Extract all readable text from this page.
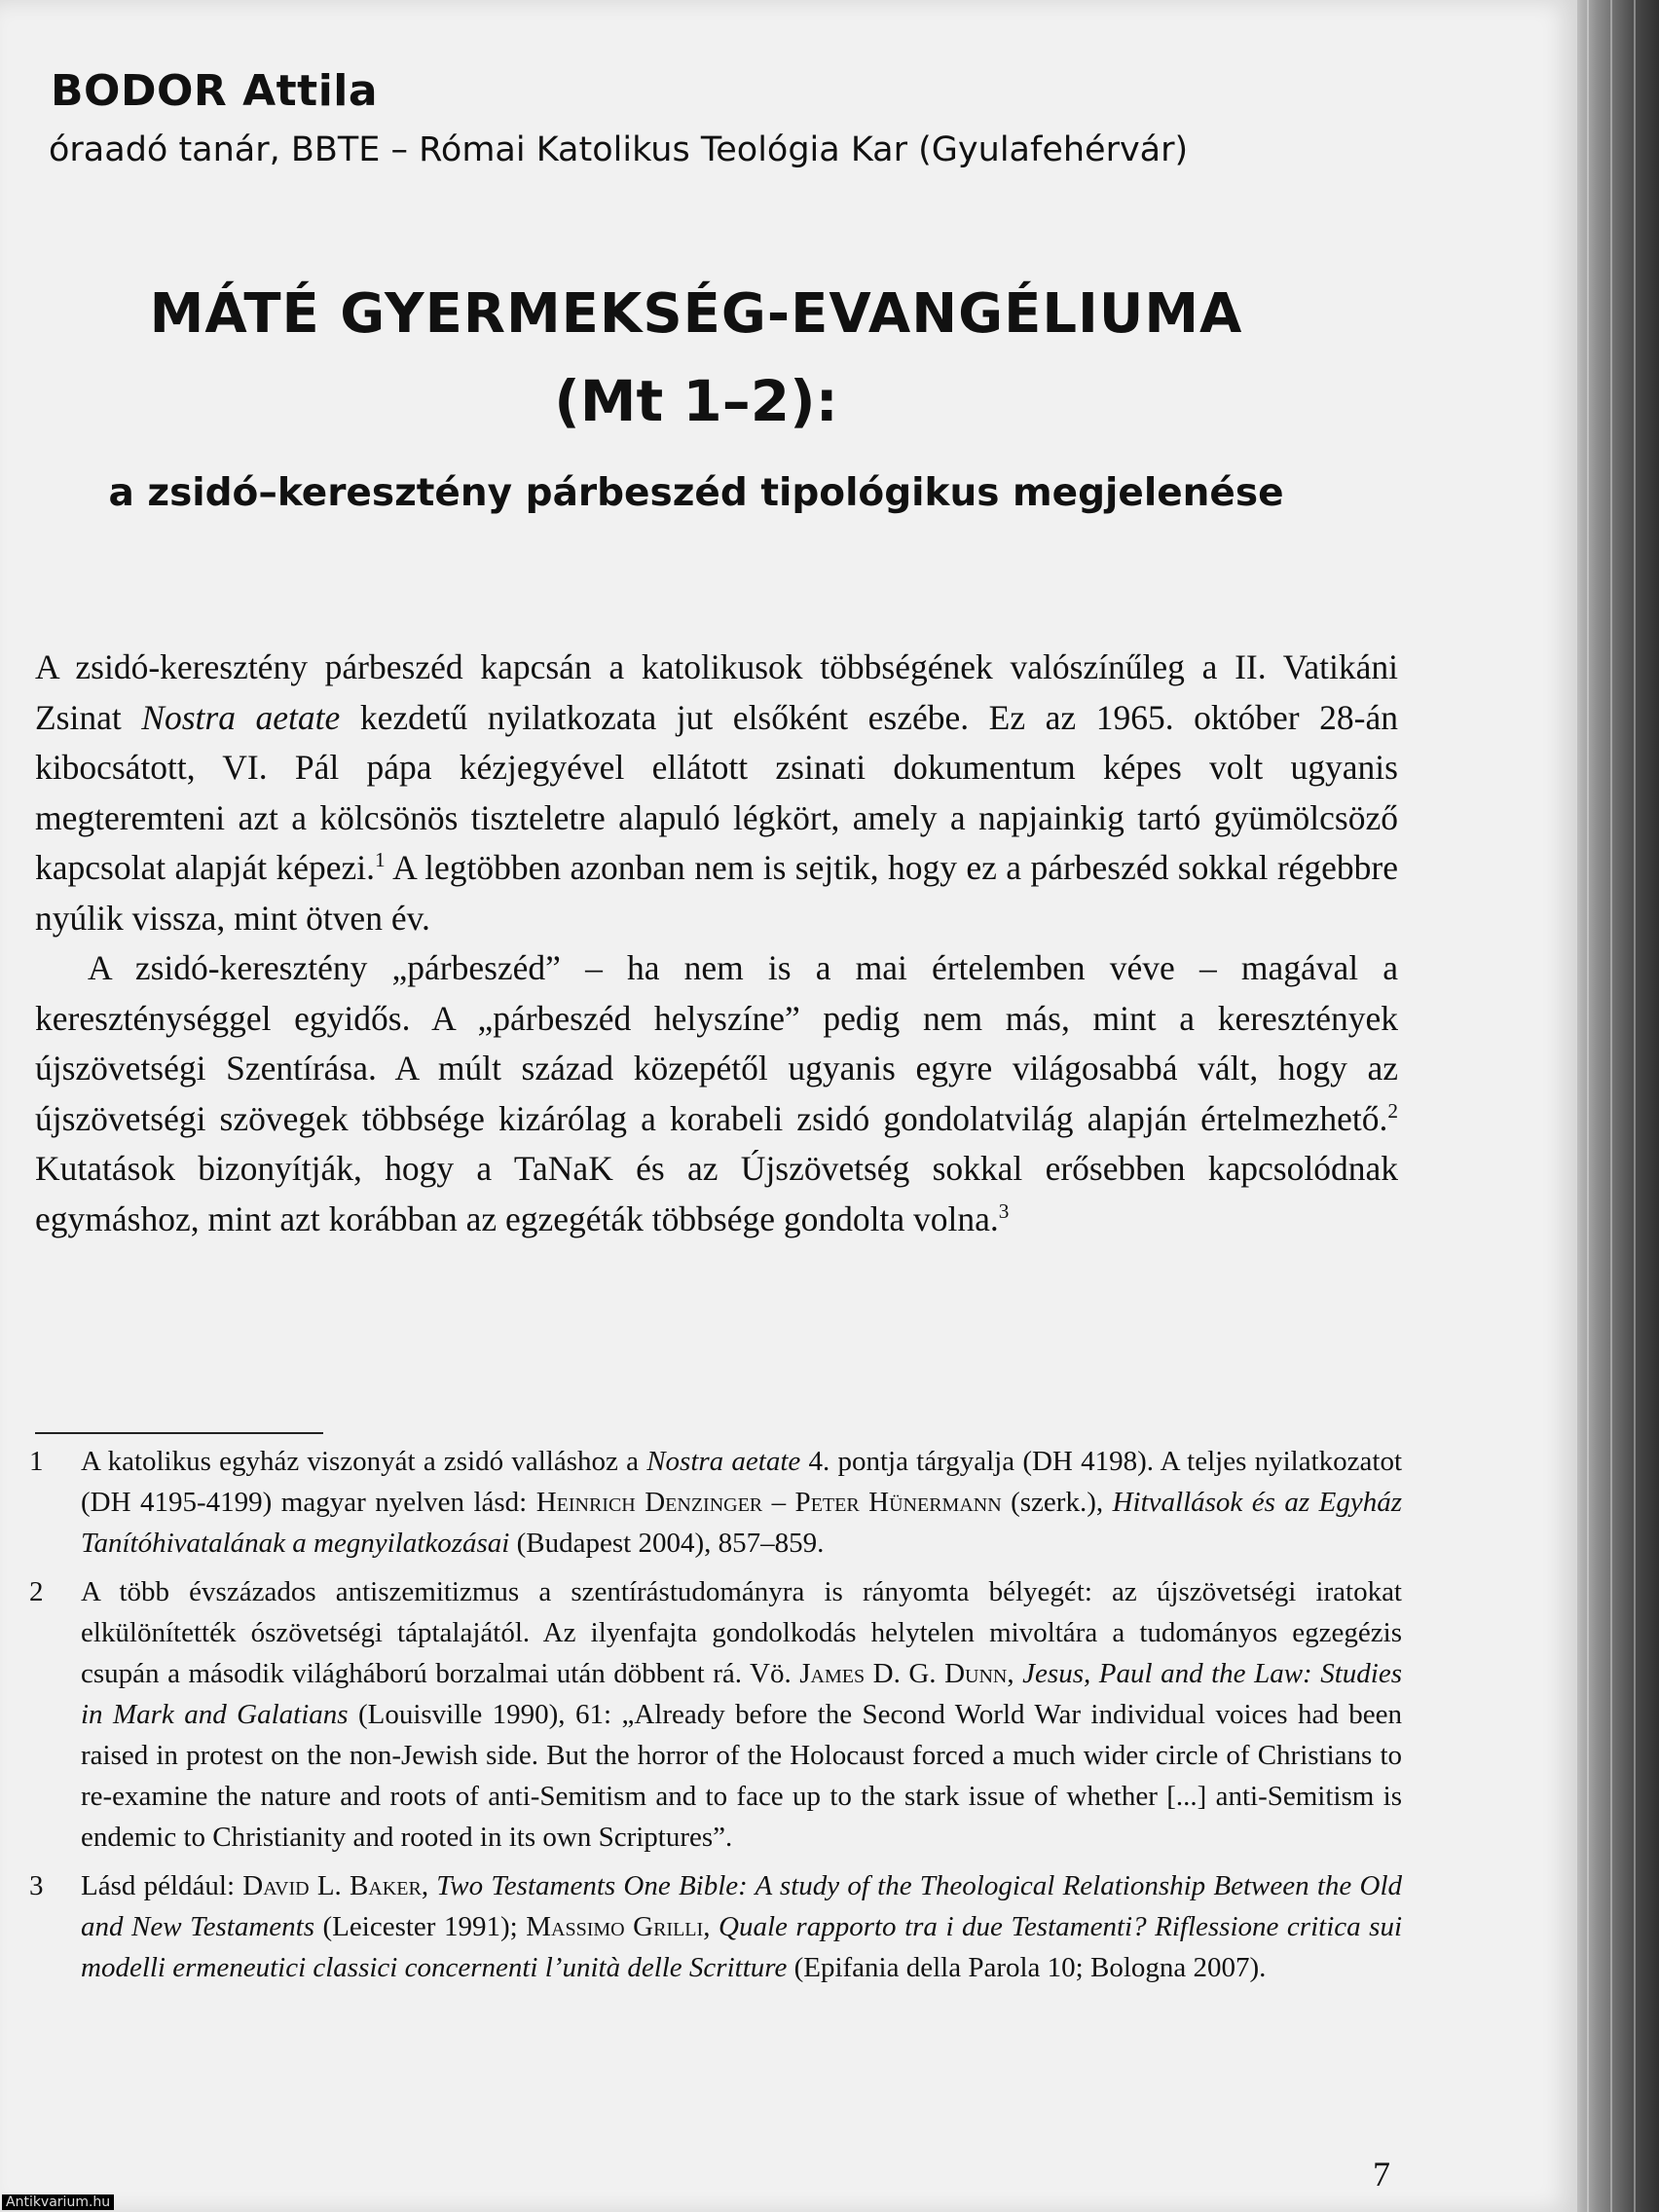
BODOR Attila
óraadó tanár, BBTE – Római Katolikus Teológia Kar (Gyulafehérvár)
MÁTÉ GYERMEKSÉG-EVANGÉLIUMA
(Mt 1–2):
a zsidó–keresztény párbeszéd tipológikus megjelenése

A zsidó-keresztény párbeszéd kapcsán a katolikusok többségének valószínűleg a II. Vatikáni Zsinat Nostra aetate kezdetű nyilatkozata jut elsőként eszébe. Ez az 1965. október 28-án kibocsátott, VI. Pál pápa kézjegyével ellátott zsinati dokumentum képes volt ugyanis megteremteni azt a kölcsönös tiszteletre alapuló légkört, amely a napjainkig tartó gyümölcsöző kapcsolat alapját képezi.$^1$ A legtöbben azonban nem is sejtik, hogy ez a párbeszéd sokkal régebbre nyúlik vissza, mint ötven év.

A zsidó-keresztény „párbeszéd” – ha nem is a mai értelemben véve – magával a kereszténységgel egyidős. A „párbeszéd helyszíne” pedig nem más, mint a keresztények újszövetségi Szentírása. A múlt század közepétől ugyanis egyre világosabbá vált, hogy az újszövetségi szövegek többsége kizárólag a korabeli zsidó gondolatvilág alapján értelmezhető.$^2$ Kutatások bizonyítják, hogy a TaNaK és az Újszövetség sokkal erősebben kapcsolódnak egymáshoz, mint azt korábban az egzegéták többsége gondolta volna.$^3$

1 A katolikus egyház viszonyát a zsidó valláshoz a Nostra aetate 4. pontja tárgyalja (DH 4198). A teljes nyilatkozatot (DH 4195-4199) magyar nyelven lásd: Heinrich Denzinger – Peter Hünermann (szerk.), Hitvallások és az Egyház Tanítóhivatalának a megnyilatkozásai (Budapest 2004), 857–859.
2 A több évszázados antiszemitizmus a szentírástudományra is rányomta bélyegét: az újszövetségi iratokat elkülönítették ószövetségi táptalajától. Az ilyenfajta gondolkodás helytelen mivoltára a tudományos egzegézis csupán a második világháború borzalmai után döbbent rá. Vö. James D. G. Dunn, Jesus, Paul and the Law: Studies in Mark and Galatians (Louisville 1990), 61: „Already before the Second World War individual voices had been raised in protest on the non-Jewish side. But the horror of the Holocaust forced a much wider circle of Christians to re-examine the nature and roots of anti-Semitism and to face up to the stark issue of whether [...] anti-Semitism is endemic to Christianity and rooted in its own Scriptures”.
3 Lásd például: David L. Baker, Two Testaments One Bible: A study of the Theological Relationship Between the Old and New Testaments (Leicester 1991); Massimo Grilli, Quale rapporto tra i due Testamenti? Riflessione critica sui modelli ermeneutici classici concernenti l’unità delle Scritture (Epifania della Parola 10; Bologna 2007).
7
Antikvarium.hu
